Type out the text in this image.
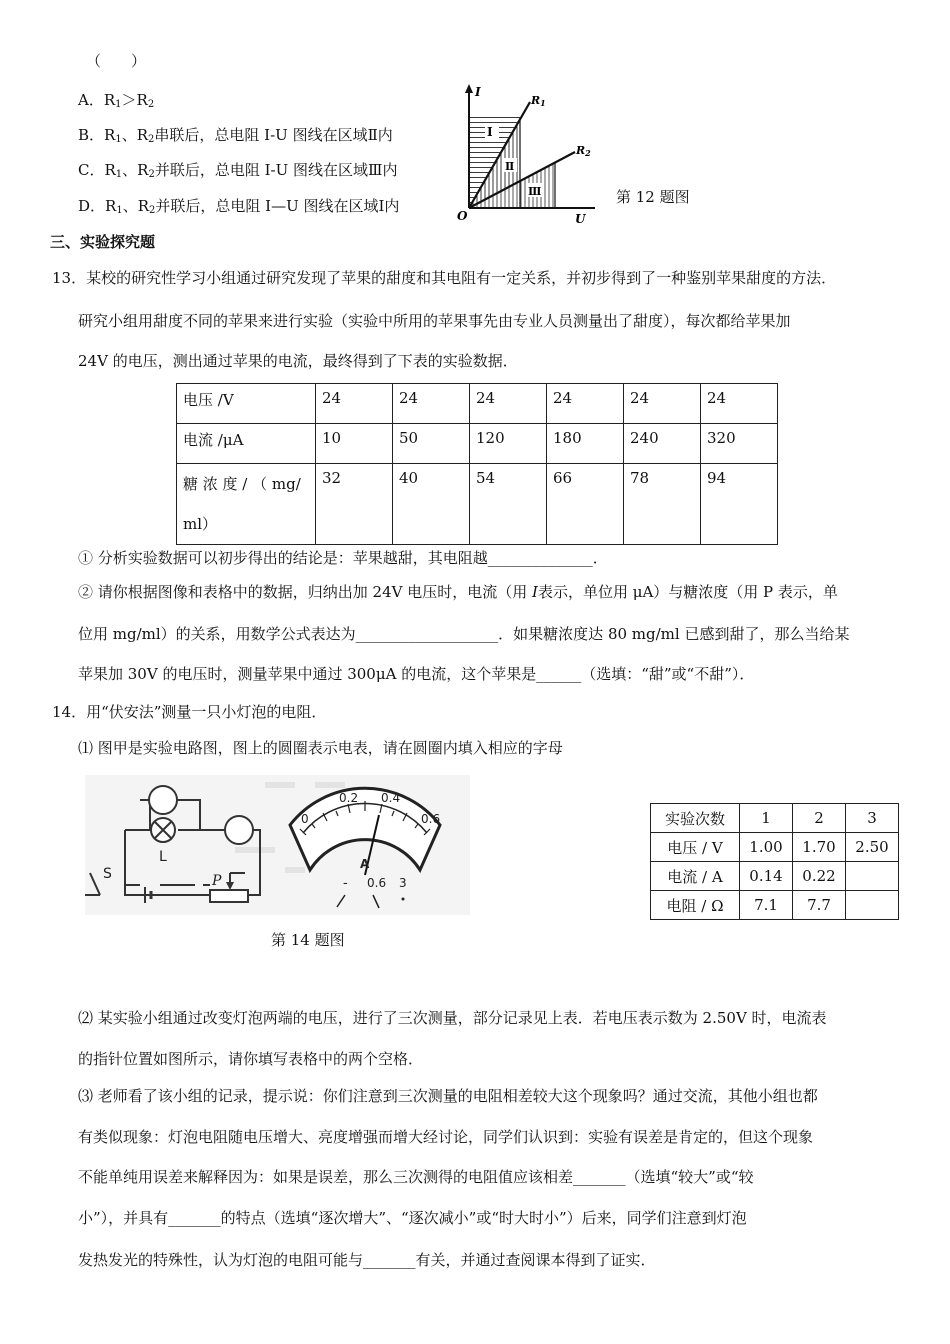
（　　）
A．$R_1>R_2$
B．$R_1$、$R_2$串联后，总电阻 I-U 图线在区域Ⅱ内
C．$R_1$、$R_2$并联后，总电阻 I-U 图线在区域Ⅲ内
D．$R_1$、$R_2$并联后，总电阻 I—U 图线在区域Ⅰ内
I
U
O
R1
R2
Ⅰ
Ⅱ
Ⅲ	第 12 题图
三、实验探究题
13．某校的研究性学习小组通过研究发现了苹果的甜度和其电阻有一定关系，并初步得到了一种鉴别苹果甜度的方法．
研究小组用甜度不同的苹果来进行实验（实验中所用的苹果事先由专业人员测量出了甜度），每次都给苹果加
24V 的电压，测出通过苹果的电流，最终得到了下表的实验数据．
电压 /V	24	24	24	24	24	24
电流 /μA	10	50	120	180	240	320

糖 浓 度 / （ mg/
ml）	32	40	54	66	78	94
① 分析实验数据可以初步得出的结论是：苹果越甜，其电阻越______________．
② 请你根据图像和表格中的数据，归纳出加 24V 电压时，电流（用 I表示，单位用 μA）与糖浓度（用 P 表示，单
位用 mg/ml）的关系，用数学公式表达为___________________．如果糖浓度达 80 mg/ml 已感到甜了，那么当给某
苹果加 30V 的电压时，测量苹果中通过 300μA 的电流，这个苹果是______（选填：“甜”或“不甜”）．
14．用“伏安法”测量一只小灯泡的电阻．
⑴ 图甲是实验电路图，图上的圆圈表示电表，请在圆圈内填入相应的字母
L
S	P
0
0.2 0.4
0.6
A
- 0.6 3
第 14 题图
实验次数	1	2	3
电压 / V	1.00	1.70	2.50
电流 / A	0.14	0.22	
电阻 / Ω	7.1	7.7	
⑵ 某实验小组通过改变灯泡两端的电压，进行了三次测量，部分记录见上表．若电压表示数为 2.50V 时，电流表
的指针位置如图所示，请你填写表格中的两个空格．
⑶ 老师看了该小组的记录，提示说：你们注意到三次测量的电阻相差较大这个现象吗？通过交流，其他小组也都
有类似现象：灯泡电阻随电压增大、亮度增强而增大经讨论，同学们认识到：实验有误差是肯定的，但这个现象
不能单纯用误差来解释因为：如果是误差，那么三次测得的电阻值应该相差_______（选填“较大”或“较
小”），并具有_______的特点（选填“逐次增大”、“逐次减小”或“时大时小”）后来，同学们注意到灯泡
发热发光的特殊性，认为灯泡的电阻可能与_______有关，并通过查阅课本得到了证实．
